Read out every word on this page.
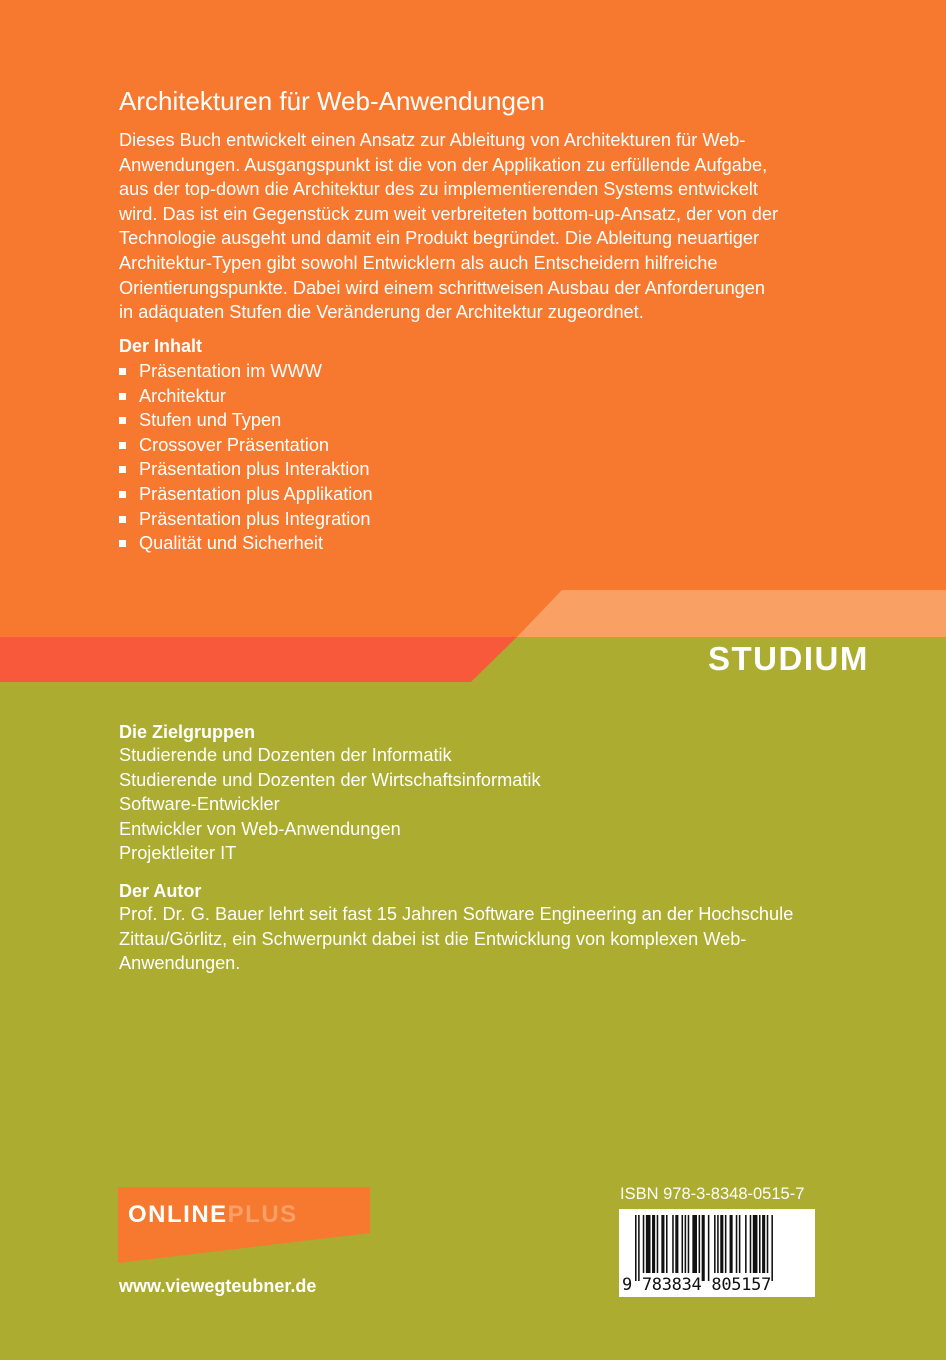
Architekturen für Web-Anwendungen

Dieses Buch entwickelt einen Ansatz zur Ableitung von Architekturen für Web-

Anwendungen. Ausgangspunkt ist die von der Applikation zu erfüllende Aufgabe,

aus der top-down die Architektur des zu implementierenden Systems entwickelt

wird. Das ist ein Gegenstück zum weit verbreiteten bottom-up-Ansatz, der von der

Technologie ausgeht und damit ein Produkt begründet. Die Ableitung neuartiger

Architektur-Typen gibt sowohl Entwicklern als auch Entscheidern hilfreiche

Orientierungspunkte. Dabei wird einem schrittweisen Ausbau der Anforderungen

in adäquaten Stufen die Veränderung der Architektur zugeordnet.

Der Inhalt
Präsentation im WWW
Architektur
Stufen und Typen
Crossover Präsentation
Präsentation plus Interaktion
Präsentation plus Applikation
Präsentation plus Integration
Qualität und Sicherheit
STUDIUM
Die Zielgruppen
Studierende und Dozenten der Informatik
Studierende und Dozenten der Wirtschaftsinformatik
Software-Entwickler
Entwickler von Web-Anwendungen
Projektleiter IT
Der Autor

Prof. Dr. G. Bauer lehrt seit fast 15 Jahren Software Engineering an der Hochschule

Zittau/Görlitz, ein Schwerpunkt dabei ist die Entwicklung von komplexen Web-

Anwendungen.

ONLINEPLUS
www.viewegteubner.de
ISBN 978-3-8348-0515-7
9 783834 805157
